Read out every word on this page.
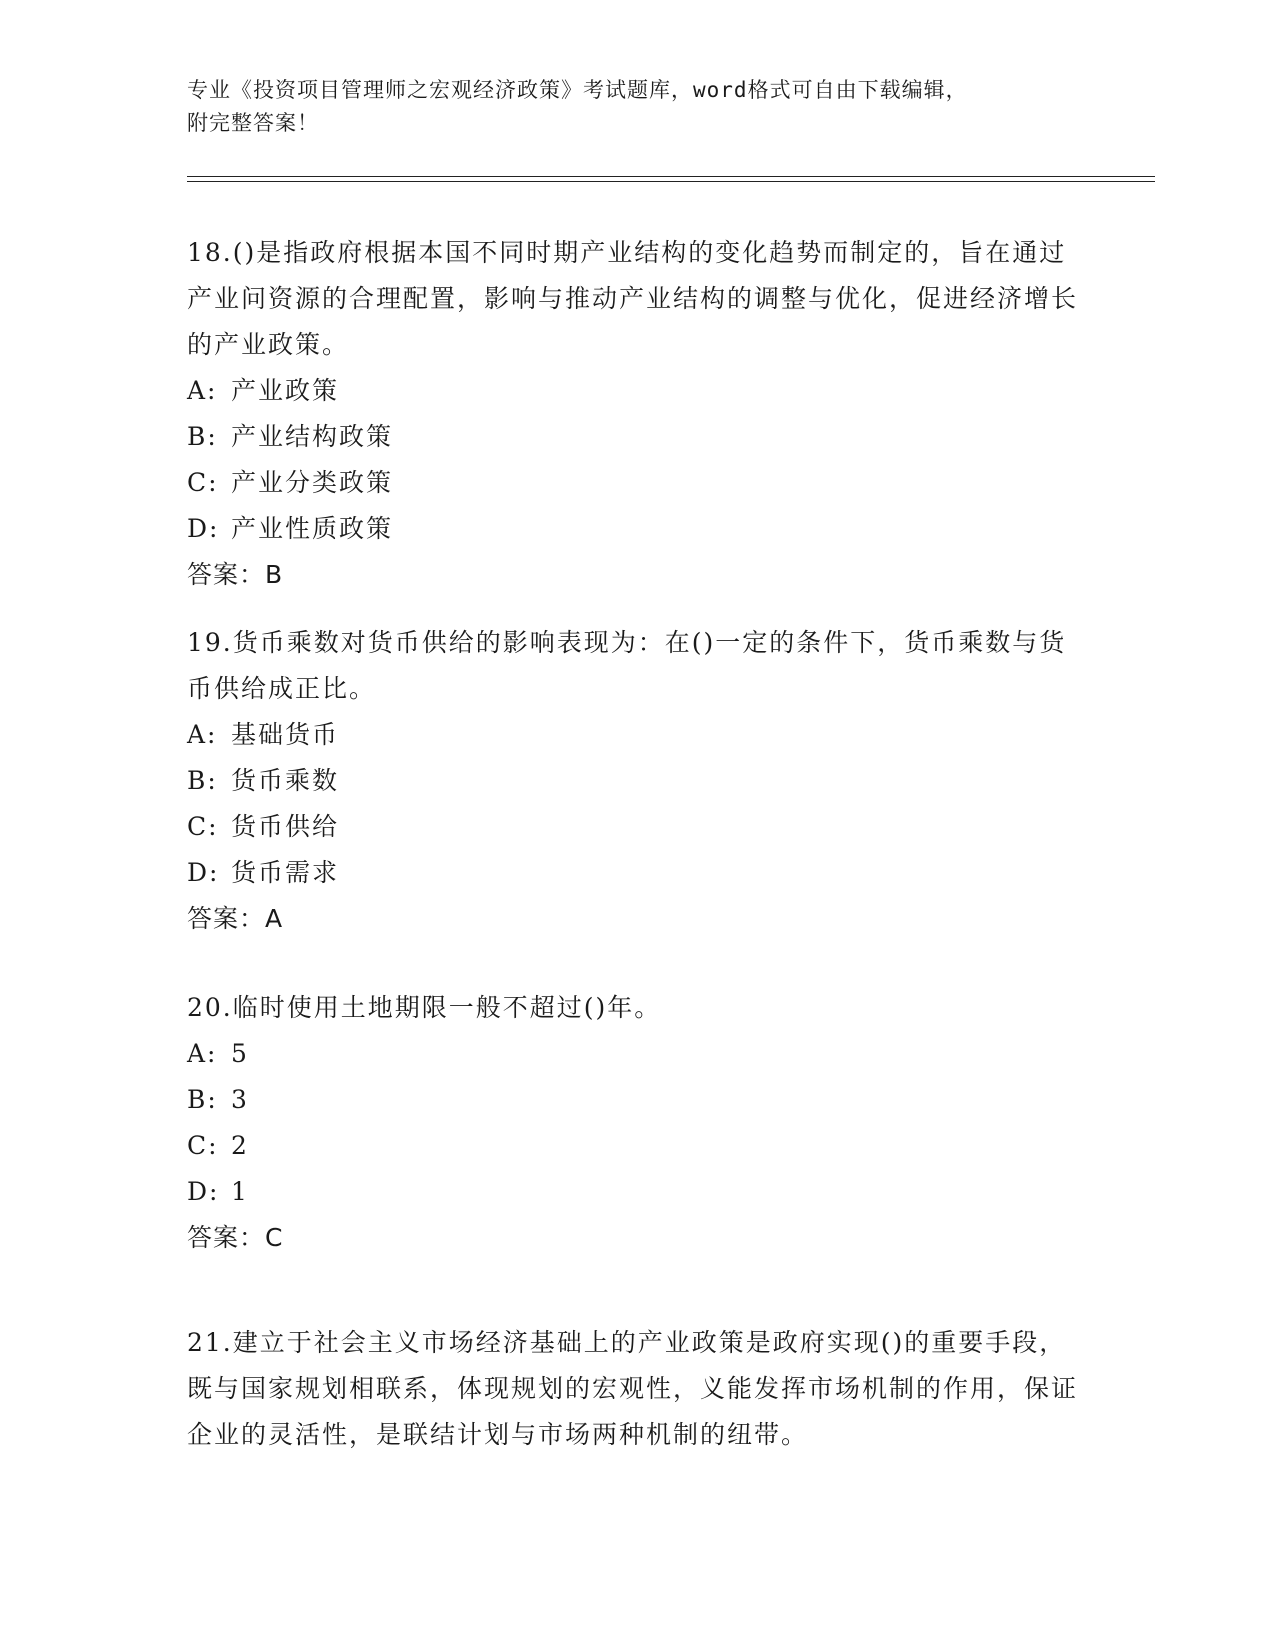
专业《投资项目管理师之宏观经济政策》考试题库，word格式可自由下载编辑，
附完整答案！

18.()是指政府根据本国不同时期产业结构的变化趋势而制定的，旨在通过产业问资源的合理配置，影响与推动产业结构的调整与优化，促进经济增长的产业政策。

A: 产业政策

B: 产业结构政策

C: 产业分类政策

D: 产业性质政策

答案：B

19.货币乘数对货币供给的影响表现为：在()一定的条件下，货币乘数与货币供给成正比。

A: 基础货币

B: 货币乘数

C: 货币供给

D: 货币需求

答案：A

20.临时使用土地期限一般不超过()年。

A: 5

B: 3

C: 2

D: 1

答案：C

21.建立于社会主义市场经济基础上的产业政策是政府实现()的重要手段，既与国家规划相联系，体现规划的宏观性，义能发挥市场机制的作用，保证企业的灵活性，是联结计划与市场两种机制的纽带。
